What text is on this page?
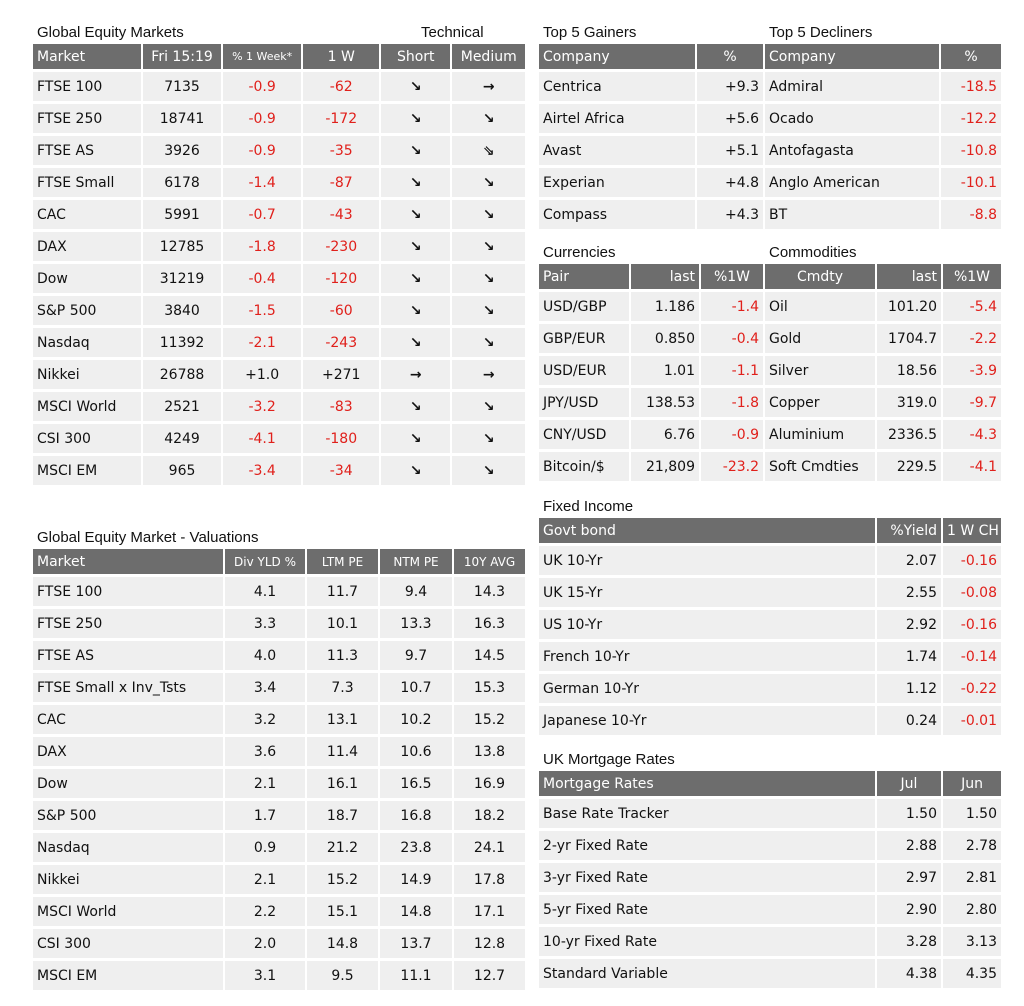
Global Equity Markets	Technical
Market	Fri 15:19	% 1 Week*	1 W	Short	Medium
FTSE 100	7135	-0.9	-62	↘	→
FTSE 250	18741	-0.9	-172	↘	↘
FTSE AS	3926	-0.9	-35	↘	⇘
FTSE Small	6178	-1.4	-87	↘	↘
CAC	5991	-0.7	-43	↘	↘
DAX	12785	-1.8	-230	↘	↘
Dow	31219	-0.4	-120	↘	↘
S&P 500	3840	-1.5	-60	↘	↘
Nasdaq	11392	-2.1	-243	↘	↘
Nikkei	26788	+1.0	+271	→	→
MSCI World	2521	-3.2	-83	↘	↘
CSI 300	4249	-4.1	-180	↘	↘
MSCI EM	965	-3.4	-34	↘	↘
Global Equity Market - Valuations
Market	Div YLD %	LTM PE	NTM PE	10Y AVG
FTSE 100	4.1	11.7	9.4	14.3
FTSE 250	3.3	10.1	13.3	16.3
FTSE AS	4.0	11.3	9.7	14.5
FTSE Small x Inv_Tsts	3.4	7.3	10.7	15.3
CAC	3.2	13.1	10.2	15.2
DAX	3.6	11.4	10.6	13.8
Dow	2.1	16.1	16.5	16.9
S&P 500	1.7	18.7	16.8	18.2
Nasdaq	0.9	21.2	23.8	24.1
Nikkei	2.1	15.2	14.9	17.8
MSCI World	2.2	15.1	14.8	17.1
CSI 300	2.0	14.8	13.7	12.8
MSCI EM	3.1	9.5	11.1	12.7
Top 5 Gainers
Company	%
Centrica	+9.3
Airtel Africa	+5.6
Avast	+5.1
Experian	+4.8
Compass	+4.3
Top 5 Decliners
Company	%
Admiral	-18.5
Ocado	-12.2
Antofagasta	-10.8
Anglo American	-10.1
BT	-8.8
Currencies
Pair	last	%1W
USD/GBP	1.186	-1.4
GBP/EUR	0.850	-0.4
USD/EUR	1.01	-1.1
JPY/USD	138.53	-1.8
CNY/USD	6.76	-0.9
Bitcoin/$	21,809	-23.2
Commodities
Cmdty	last	%1W
Oil	101.20	-5.4
Gold	1704.7	-2.2
Silver	18.56	-3.9
Copper	319.0	-9.7
Aluminium	2336.5	-4.3
Soft Cmdties	229.5	-4.1
Fixed Income
Govt bond	%Yield	1 W CH
UK 10-Yr	2.07	-0.16
UK 15-Yr	2.55	-0.08
US 10-Yr	2.92	-0.16
French 10-Yr	1.74	-0.14
German 10-Yr	1.12	-0.22
Japanese 10-Yr	0.24	-0.01
UK Mortgage Rates
Mortgage Rates	Jul	Jun
Base Rate Tracker	1.50	1.50
2-yr Fixed Rate	2.88	2.78
3-yr Fixed Rate	2.97	2.81
5-yr Fixed Rate	2.90	2.80
10-yr Fixed Rate	3.28	3.13
Standard Variable	4.38	4.35
